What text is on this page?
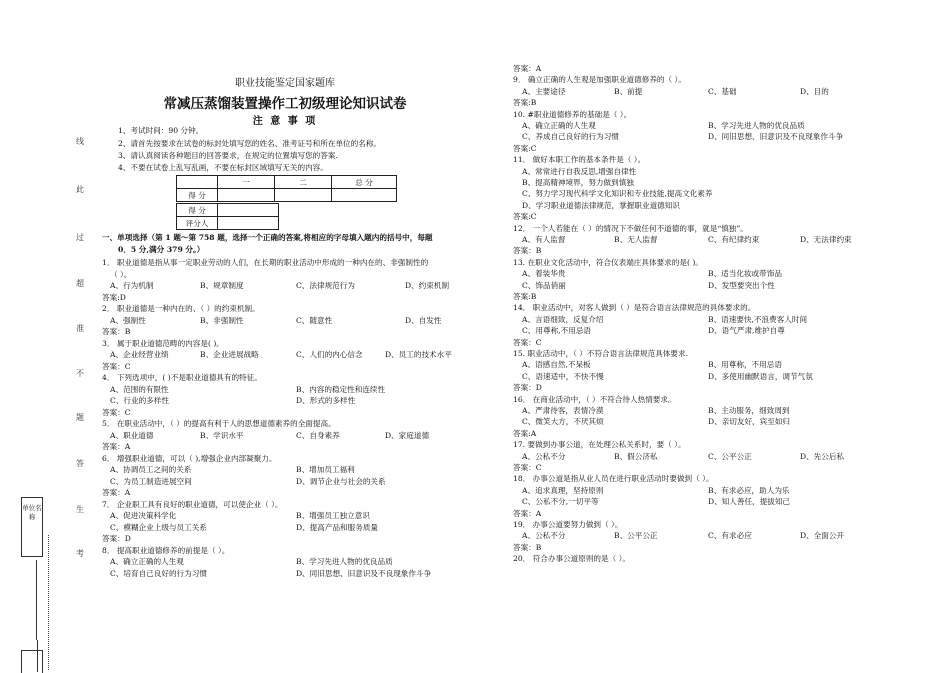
职业技能鉴定国家题库
常减压蒸馏装置操作工初级理论知识试卷
注 意 事 项
1、考试时间：90 分钟。
2、请首先按要求在试卷的标封处填写您的姓名、准考证号和所在单位的名称。
3、请认真阅读各种题目的回答要求，在规定的位置填写您的答案.
4、不要在试卷上乱写乱画，不要在标封区域填写无关的内容。
	一	二	总 分
得 分			
得 分	
评分人	
一、单项选择（第 1 题～第 758 题，选择一个正确的答案,将相应的字母填入题内的括号中，每题
0．5 分,满分 379 分。）
线
此
过
超
准
不
题
答
生
考
单位名称
1． 职业道德是指从事一定职业劳动的人们，在长期的职业活动中形成的一种内在的、非强制性的
（ ）。
A、行为机制	B、规章制度	C、法律规范行为	D、约束机制
答案:D
2． 职业道德是一种内在的、（ ）的约束机制。
A、强制性	B、非强制性	C、随意性	D、自发性
答案：B
3． 属于职业道德范畴的内容是( )。
A、企业经营业绩	B、企业进展战略	C、人们的内心信念	D、员工的技术水平
答案：C
4． 下列选项中，( )不是职业道德具有的特征。
A、范围的有限性	B、内容的稳定性和连续性
C、行业的多样性	D、形式的多样性
答案：C
5． 在职业活动中，（ ）的提高有利于人的思想道德素养的全面提高。
A、职业道德	B、学识水平	C、自身素养	D、家庭道德
答案：A
6． 增强职业道德，可以（ ),增强企业内部凝聚力。
A、协调员工之间的关系	B、增加员工福利
C、为员工制造进展空间	D、调节企业与社会的关系
答案：A
7． 企业职工具有良好的职业道德，可以使企业（ ）。
A、促进决策科学化	B、增强员工独立意识
C、模糊企业上级与员工关系	D、提高产品和服务质量
答案：D
8． 提高职业道德修养的前提是（ ）。
A、确立正确的人生观	B、学习先进人物的优良品质
C、培育自己良好的行为习惯	D、同旧思想、旧意识及不良现象作斗争
答案：A
9． 确立正确的人生观是加强职业道德修养的（ ）。
A、主要途径	B、前提	C、基础	D、目的
答案:B
10. #职业道德修养的基础是（ ）。
A、确立正确的人生观	B、学习先进人物的优良品质
C、养成自己良好的行为习惯	D、同旧思想、旧意识及不良现象作斗争
答案:C
11． 做好本职工作的基本条件是（ ）。
A、常常进行自我反思,增强自律性
B、提高精神境界，努力做到慎独
C、努力学习现代科学文化知识和专业技能,提高文化素养
D、学习职业道德法律规范，掌握职业道德知识
答案:C
12． 一个人若能在（ ）的情况下不做任何不道德的事，就是“慎独”。
A、有人监督	B、无人监督	C、有纪律约束	D、无法律约束
答案：B
13. 在职业文化活动中，符合仪表端庄具体要求的是( )。
A、着装华贵	B、适当化妆或带饰品
C、饰品俏丽	D、发型要突出个性
答案:B
14． 职业活动中，对客人做到（ ）是符合语言法律规范的具体要求的。
A、言语细致，反复介绍	B、语速要快,不浪费客人时间
C、用尊称,不用忌语	D、语气严肃,维护自尊
答案：C
15. 职业活动中，（ ）不符合语言法律规范具体要求.
A、语感自然,不呆板	B、用尊称，不用忌语
C、语速适中，不快不慢	D、多使用幽默语言，调节气氛
答案：D
16． 在商业活动中，（ ）不符合待人热情要求。
A、严肃待客，表情冷漠	B、主动服务，细致周到
C、微笑大方，不厌其烦	D、亲切友好，宾至如归
答案:A
17. 要做到办事公道，在处理公私关系时，要（ ）。
A、公私不分	B、假公济私	C、公平公正	D、先公后私
答案：C
18． 办事公道是指从业人员在进行职业活动时要做到（ ）。
A、追求真理，坚持原则	B、有求必应，助人为乐
C、公私不分,一切平等	D、知人善任，提拔知己
答案：A
19． 办事公道要努力做到（ ）。
A、公私不分	B、公平公正	C、有求必应	D、全面公开
答案：B
20． 符合办事公道原则的是（ ）。
